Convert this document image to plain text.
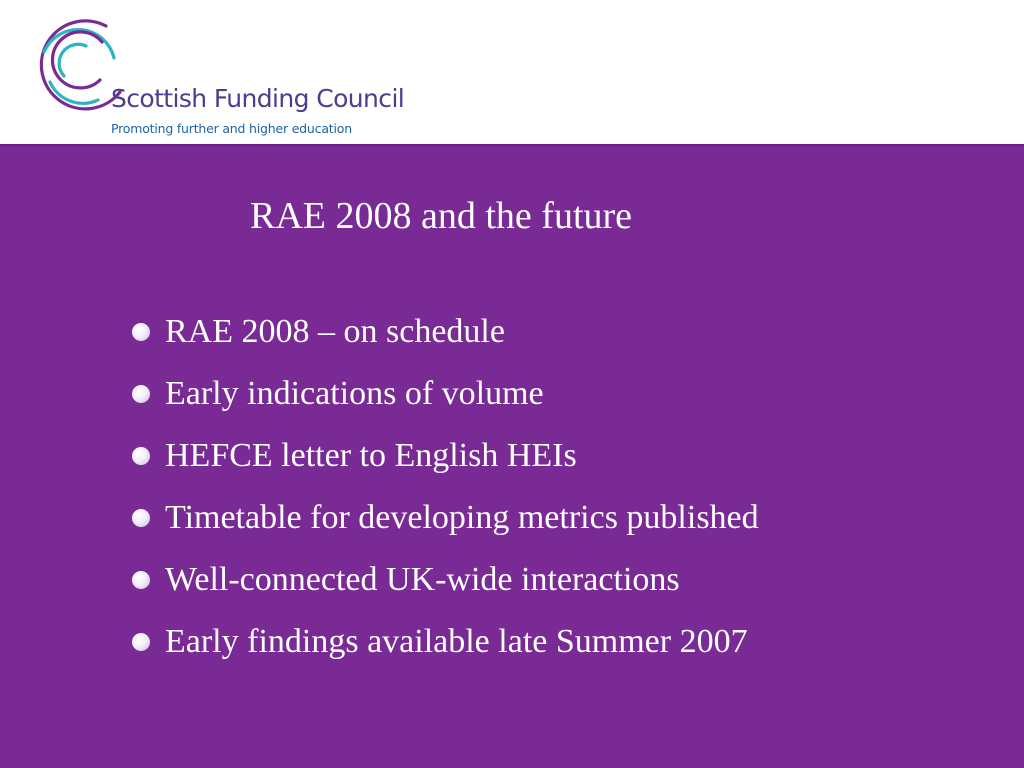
Scottish Funding Council
Promoting further and higher education
RAE 2008 and the future
RAE 2008 – on schedule
Early indications of volume
HEFCE letter to English HEIs
Timetable for developing metrics published
Well-connected UK-wide interactions
Early findings available late Summer 2007
